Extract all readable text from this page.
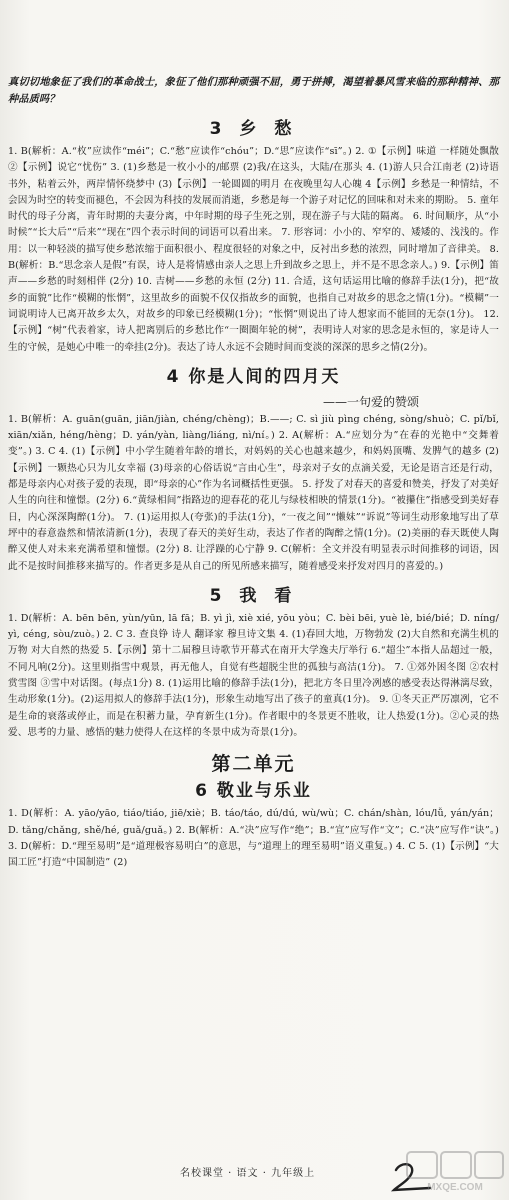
真切切地象征了我们的革命战士，象征了他们那种顽强不屈，勇于拼搏，渴望着暴风雪来临的那种精神、那种品质吗？

3 乡 愁

1. B(解析：A.“枚”应读作“méi”；C.“愁”应读作“chóu”；D.“思”应读作“sī”。) 2. ①【示例】味道 一样随处飘散 ②【示例】说它“忧伤” 3. (1)乡愁是一枚小小的/邮票 (2)我/在这头，大陆/在那头 4. (1)游人只合江南老 (2)诗语书外，粘着云外，两岸情怀绕梦中 (3)【示例】一轮圆圆的明月 在夜晚里勾人心魄 4【示例】乡愁是一种情结，不会因为时空的转变而褪色，不会因为科技的发展而消逝，乡愁是每一个游子对记忆的回味和对未来的期盼。 5. 童年时代的母子分离，青年时期的夫妻分离，中年时期的母子生死之别，现在游子与大陆的隔离。 6. 时间顺序，从“小时候”“长大后”“后来”“现在”四个表示时间的词语可以看出来。 7. 形容词：小小的、窄窄的、矮矮的、浅浅的。作用：以一种轻淡的描写使乡愁浓缩于面积很小、程度很轻的对象之中，反衬出乡愁的浓烈，同时增加了音律美。 8. B(解析：B.“思念亲人是假”有误，诗人是将情感由亲人之思上升到故乡之思上，并不是不思念亲人。) 9.【示例】笛声——乡愁的时刻相伴 (2分) 10. 吉树——乡愁的永恒 (2分) 11. 合适，这句话运用比喻的修辞手法(1分)，把“故乡的面貌”比作“模糊的怅惘”，这里故乡的面貌不仅仅指故乡的面貌，也指自己对故乡的思念之情(1分)。“模糊”一词说明诗人已离开故乡太久，对故乡的印象已经模糊(1分)；“怅惘”则说出了诗人想家而不能回的无奈(1分)。 12.【示例】“树”代表着家，诗人把离别后的乡愁比作“一圈圈年轮的树”，表明诗人对家的思念是永恒的，家是诗人一生的守候，是她心中唯一的牵挂(2分)。表达了诗人永远不会随时间而变淡的深深的思乡之情(2分)。

4 你是人间的四月天

——一句爱的赞颂

1. B(解析：A. guān(guān, jiān/jiàn, chéng/chèng)；B.——; C. sì jiù pìng chéng, sòng/shuò；C. pǐ/bǐ, xiān/xiǎn, héng/hèng；D. yán/yàn, liàng/liáng, nì/ní。) 2. A(解析：A.“应划分为”在春的光艳中“交舞着变”。) 3. C 4. (1)【示例】中小学生随着年龄的增长，对妈妈的关心也越来越少，和妈妈顶嘴、发脾气的越多 (2)【示例】一颗热心只为儿女幸福 (3)母亲的心俗话说“言由心生”，母亲对子女的点滴关爱，无论是语言还是行动，都是母亲内心对孩子爱的表现，即“母亲的心”作为名词概括性更强。 5. 抒发了对春天的喜爱和赞美，抒发了对美好人生的向往和憧憬。(2分) 6.“黄绿相间”指路边的迎春花的花儿与绿枝相映的情景(1分)。“被攥住”指感受到美好春日，内心深深陶醉(1分)。 7. (1)运用拟人(夸张)的手法(1分)，“一夜之间”“懒妹”“诉说”等词生动形象地写出了草坪中的春意盎然和情浓清新(1分)，表现了春天的美好生动，表达了作者的陶醉之情(1分)。(2)美丽的春天既使人陶醉又使人对未来充满希望和憧憬。(2分) 8. 让浮躁的心宁静 9. C(解析：全文并没有明显表示时间推移的词语，因此不是按时间推移来描写的。作者更多是从自己的所见所感来描写，随着感受来抒发对四月的喜爱的。)

5 我 看

1. D(解析：A. bēn bēn, yùn/yūn, lā fā；B. yì jì, xiè xié, yōu yòu；C. bèi bēi, yuè lè, bié/bié；D. níng/yì, céng, sòu/zuò。) 2. C 3. 查良铮 诗人 翻译家 穆旦诗文集 4. (1)春回大地，万物勃发 (2)大自然和充满生机的万物 对大自然的热爱 5.【示例】第十二届穆旦诗歌节开幕式在南开大学逸夫厅举行 6.“超尘”本指人品超过一般，不同凡响(2分)。这里则指雪中观景，再无他人，自觉有些超脱尘世的孤独与高洁(1分)。 7. ①郊外困冬图 ②农村赏雪图 ③雪中对话图。(每点1分) 8. (1)运用比喻的修辞手法(1分)，把北方冬日里冷冽感的感受表达得淋漓尽致，生动形象(1分)。(2)运用拟人的修辞手法(1分)，形象生动地写出了孩子的童真(1分)。 9. ①冬天正严厉凛冽，它不是生命的衰落或停止，而是在积蓄力量，孕育新生(1分)。作者眼中的冬景更不胜收，让人热爱(1分)。②心灵的热爱、思考的力量、感悟的魅力使得人在这样的冬景中成为奇景(1分)。

第二单元
6 敬业与乐业

1. D(解析：A. yāo/yāo, tiáo/tiáo, jiē/xiè；B. táo/táo, dú/dú, wù/wù；C. chán/shàn, lóu/lǚ, yán/yán；D. tǎng/chǎng, shě/hé, guǎ/guǎ。) 2. B(解析：A.“决”应写作“绝”；B.“宣”应写作“文”；C.“决”应写作“诀”。) 3. D(解析：D.“理至易明”是“道理极容易明白”的意思，与“道理上的理至易明”语义重复。) 4. C 5. (1)【示例】“大国工匠”打造“中国制造” (2)

名校课堂 · 语文 · 九年级上
MXQE.COM
